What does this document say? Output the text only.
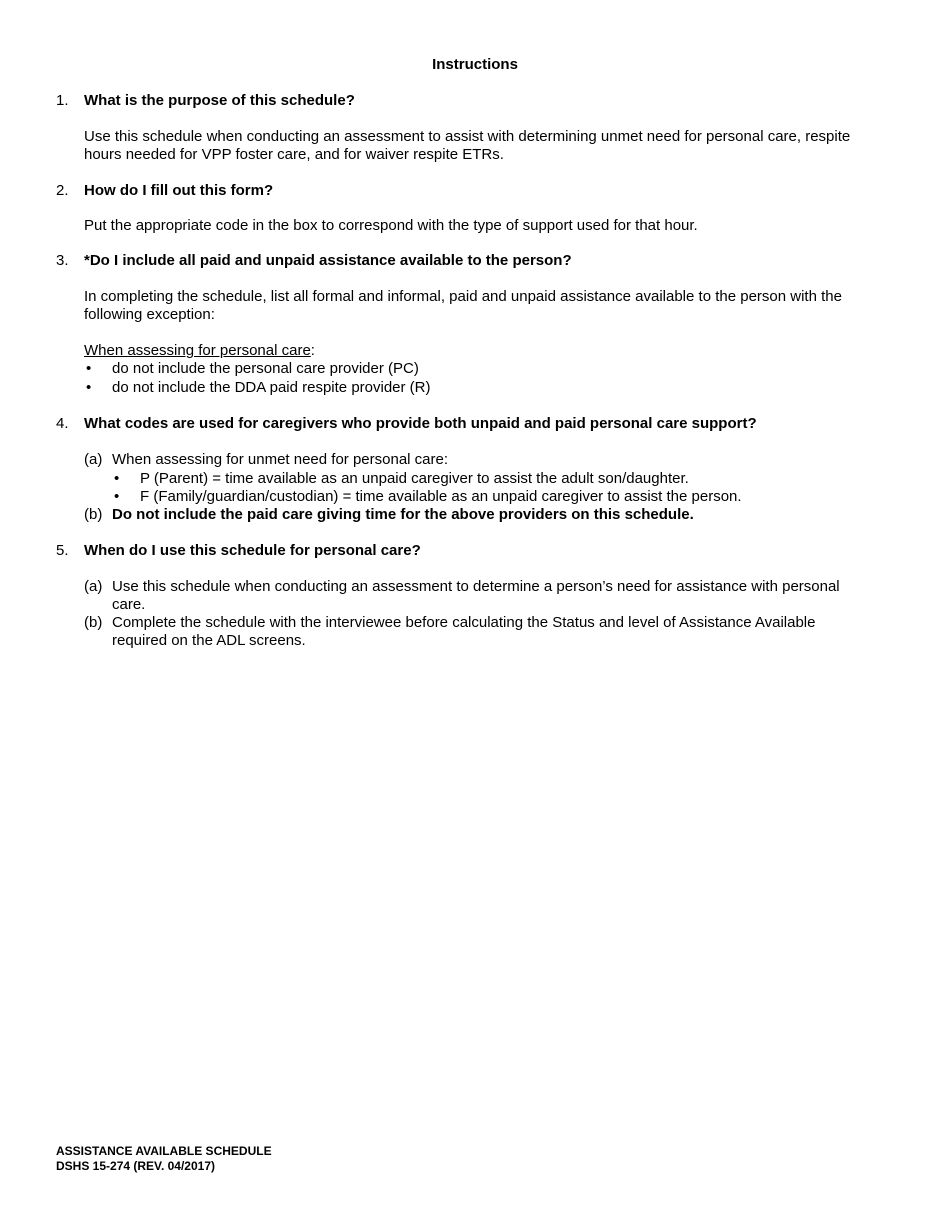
Instructions
1. What is the purpose of this schedule?
Use this schedule when conducting an assessment to assist with determining unmet need for personal care, respite
hours needed for VPP foster care, and for waiver respite ETRs.
2. How do I fill out this form?
Put the appropriate code in the box to correspond with the type of support used for that hour.
3. *Do I include all paid and unpaid assistance available to the person?
In completing the schedule, list all formal and informal, paid and unpaid assistance available to the person with the
following exception:
When assessing for personal care:
• do not include the personal care provider (PC)
• do not include the DDA paid respite provider (R)
4. What codes are used for caregivers who provide both unpaid and paid personal care support?
(a) When assessing for unmet need for personal care:
• P (Parent) = time available as an unpaid caregiver to assist the adult son/daughter.
• F (Family/guardian/custodian) = time available as an unpaid caregiver to assist the person.
(b) Do not include the paid care giving time for the above providers on this schedule.
5. When do I use this schedule for personal care?
(a) Use this schedule when conducting an assessment to determine a person’s need for assistance with personal
care.
(b) Complete the schedule with the interviewee before calculating the Status and level of Assistance Available
required on the ADL screens.
ASSISTANCE AVAILABLE SCHEDULE
DSHS 15-274 (REV. 04/2017)
